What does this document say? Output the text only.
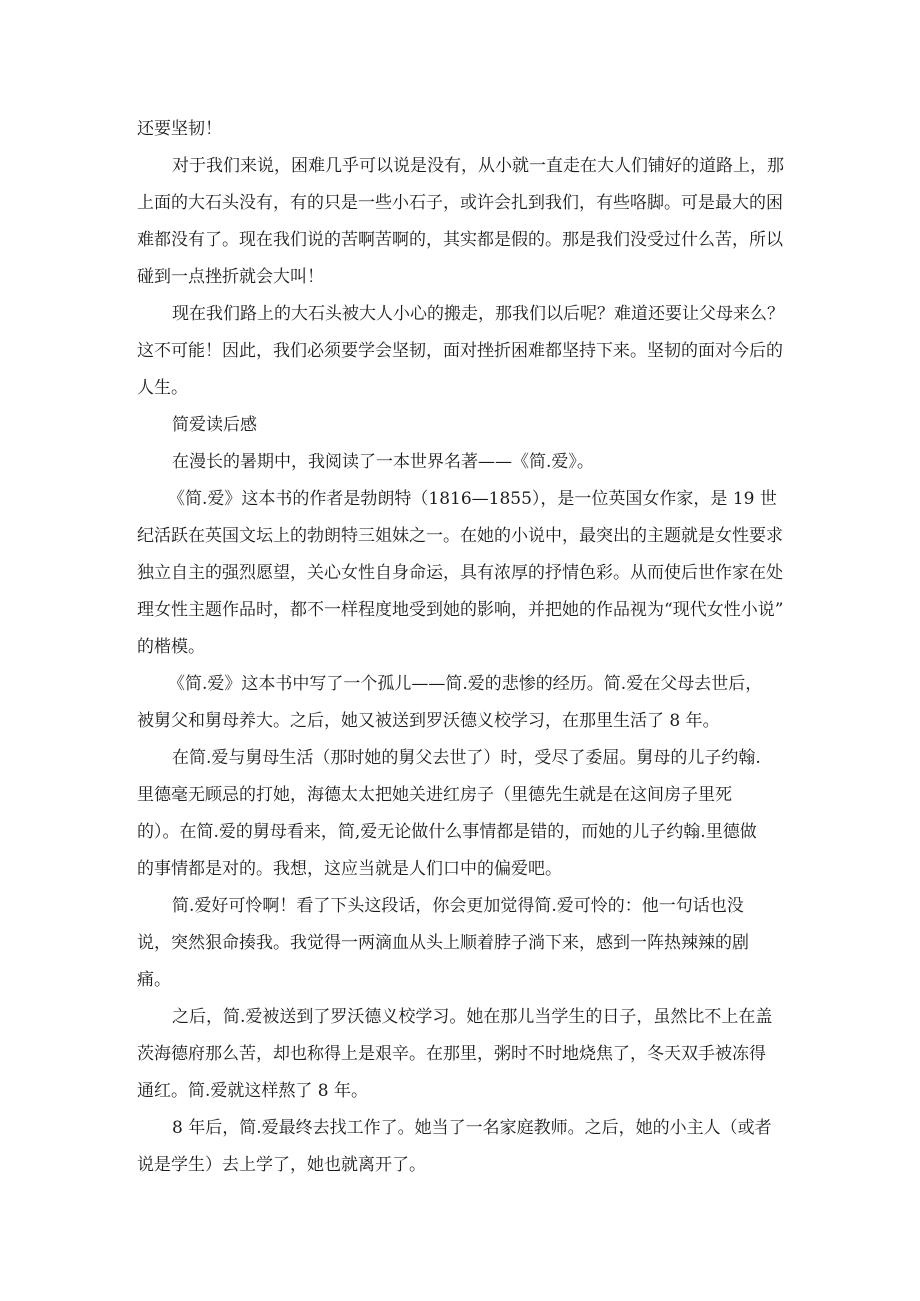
还要坚韧！

对于我们来说，困难几乎可以说是没有，从小就一直走在大人们铺好的道路上，那

上面的大石头没有，有的只是一些小石子，或许会扎到我们，有些咯脚。可是最大的困

难都没有了。现在我们说的苦啊苦啊的，其实都是假的。那是我们没受过什么苦，所以

碰到一点挫折就会大叫！

现在我们路上的大石头被大人小心的搬走，那我们以后呢？难道还要让父母来么？

这不可能！因此，我们必须要学会坚韧，面对挫折困难都坚持下来。坚韧的面对今后的

人生。

简爱读后感

在漫长的暑期中，我阅读了一本世界名著——《简.爱》。

《简.爱》这本书的作者是勃朗特（1816—1855），是一位英国女作家，是 19 世

纪活跃在英国文坛上的勃朗特三姐妹之一。在她的小说中，最突出的主题就是女性要求

独立自主的强烈愿望，关心女性自身命运，具有浓厚的抒情色彩。从而使后世作家在处

理女性主题作品时，都不一样程度地受到她的影响，并把她的作品视为“现代女性小说”

的楷模。

《简.爱》这本书中写了一个孤儿——简.爱的悲惨的经历。简.爱在父母去世后，

被舅父和舅母养大。之后，她又被送到罗沃德义校学习，在那里生活了 8 年。

在简.爱与舅母生活（那时她的舅父去世了）时，受尽了委屈。舅母的儿子约翰.

里德毫无顾忌的打她，海德太太把她关进红房子（里德先生就是在这间房子里死

的）。在简.爱的舅母看来，简,爱无论做什么事情都是错的，而她的儿子约翰.里德做

的事情都是对的。我想，这应当就是人们口中的偏爱吧。

简.爱好可怜啊！看了下头这段话，你会更加觉得简.爱可怜的：他一句话也没

说，突然狠命揍我。我觉得一两滴血从头上顺着脖子淌下来，感到一阵热辣辣的剧

痛。

之后，简.爱被送到了罗沃德义校学习。她在那儿当学生的日子，虽然比不上在盖

茨海德府那么苦，却也称得上是艰辛。在那里，粥时不时地烧焦了，冬天双手被冻得

通红。简.爱就这样熬了 8 年。

8 年后，简.爱最终去找工作了。她当了一名家庭教师。之后，她的小主人（或者

说是学生）去上学了，她也就离开了。
